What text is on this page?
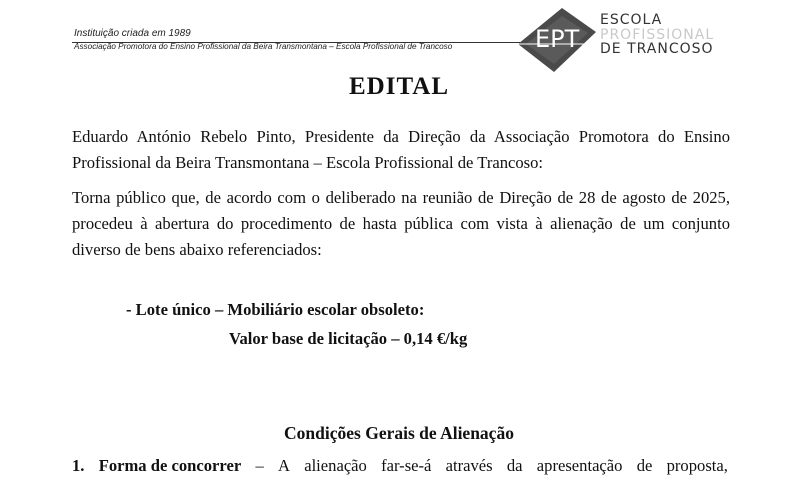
Instituição criada em 1989
Associação Promotora do Ensino Profissional da Beira Transmontana – Escola Profissional de Trancoso	EPT
ESCOLA
PROFISSIONAL
DE TRANCOSO
EDITAL
Eduardo António Rebelo Pinto, Presidente da Direção da Associação Promotora do Ensino Profissional da Beira Transmontana – Escola Profissional de Trancoso:
Torna público que, de acordo com o deliberado na reunião de Direção de 28 de agosto de 2025, procedeu à abertura do procedimento de hasta pública com vista à alienação de um conjunto diverso de bens abaixo referenciados:
- Lote único – Mobiliário escolar obsoleto:
Valor base de licitação – 0,14 €/kg
Condições Gerais de Alienação
1. Forma de concorrer – A alienação far-se-á através da apresentação de proposta,
